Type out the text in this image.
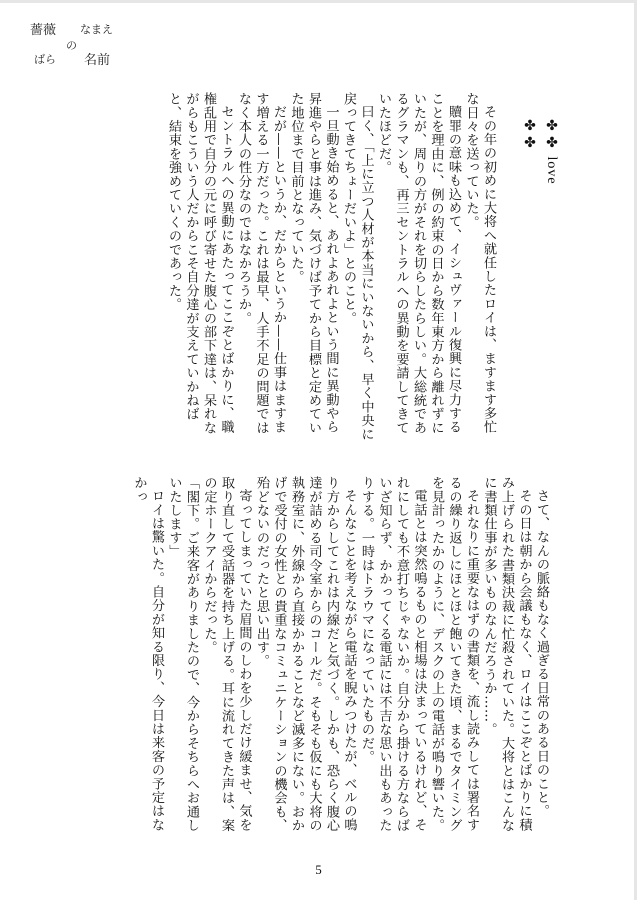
薔薇
ばら
の
なまえ
名前
✤✤ love ✤✤

その年の初めに大将へ就任したロイは、ますます多忙な日々を送っていた。

贖罪の意味も込めて、イシュヴァール復興に尽力することを理由に、例の約束の日から数年東方から離れずにいたが、周りの方がそれを切らしたらしい。大総統であるグラマンも、再三セントラルへの異動を要請してきていたほどだ。

曰く、「上に立つ人材が本当にいないから、早く中央に戻ってきてちょーだいよ」とのこと。

一旦動き始めると、あれよあれよという間に異動やら昇進やらと事は進み、気づけば予てから目標と定めていた地位まで目前となっていた。

だが——というか、だからというか——仕事はますます増える一方だった。これは最早、人手不足の問題ではなく本人の性分なのではなかろうか。

セントラルへの異動にあたってここぞとばかりに、職権乱用で自分の元に呼び寄せた腹心の部下達は、呆れながらもこういう人だからこそ自分達が支えていかねばと、結束を強めていくのであった。

さて、なんの脈絡もなく過ぎる日常のある日のこと。

その日は朝から会議もなく、ロイはここぞとばかりに積み上げられた書類決裁に忙殺されていた。大将とはこんなに書類仕事が多いものなんだろうか……。

それなりに重要なはずの書類を、流し読みしては署名するの繰り返しにほとほと飽いてきた頃、まるでタイミングを見計ったかのように、デスクの上の電話が鳴り響いた。

電話とは突然鳴るものと相場は決まっているけれど、それにしても不意打ちじゃないか。自分から掛ける方ならばいざ知らず、かかってくる電話には不吉な思い出もあったりする。一時はトラウマになっていたものだ。

そんなことを考えながら電話を睨みつけたが、ベルの鳴り方からしてこれは内線だと気づく。しかも、恐らく腹心達が詰める司令室からのコールだ。そもそも仮にも大将の執務室に、外線から直接かかることなど滅多にない。おかげで受付の女性との貴重なコミュニケーションの機会も、殆どないのだったと思い出す。

寄ってしまっていた眉間のしわを少しだけ緩ませ、気を取り直して受話器を持ち上げる。耳に流れてきた声は、案の定ホークアイからだった。

「閣下。ご来客がありましたので、今からそちらへお通しいたします」

ロイは驚いた。自分が知る限り、今日は来客の予定はなかっ

5
